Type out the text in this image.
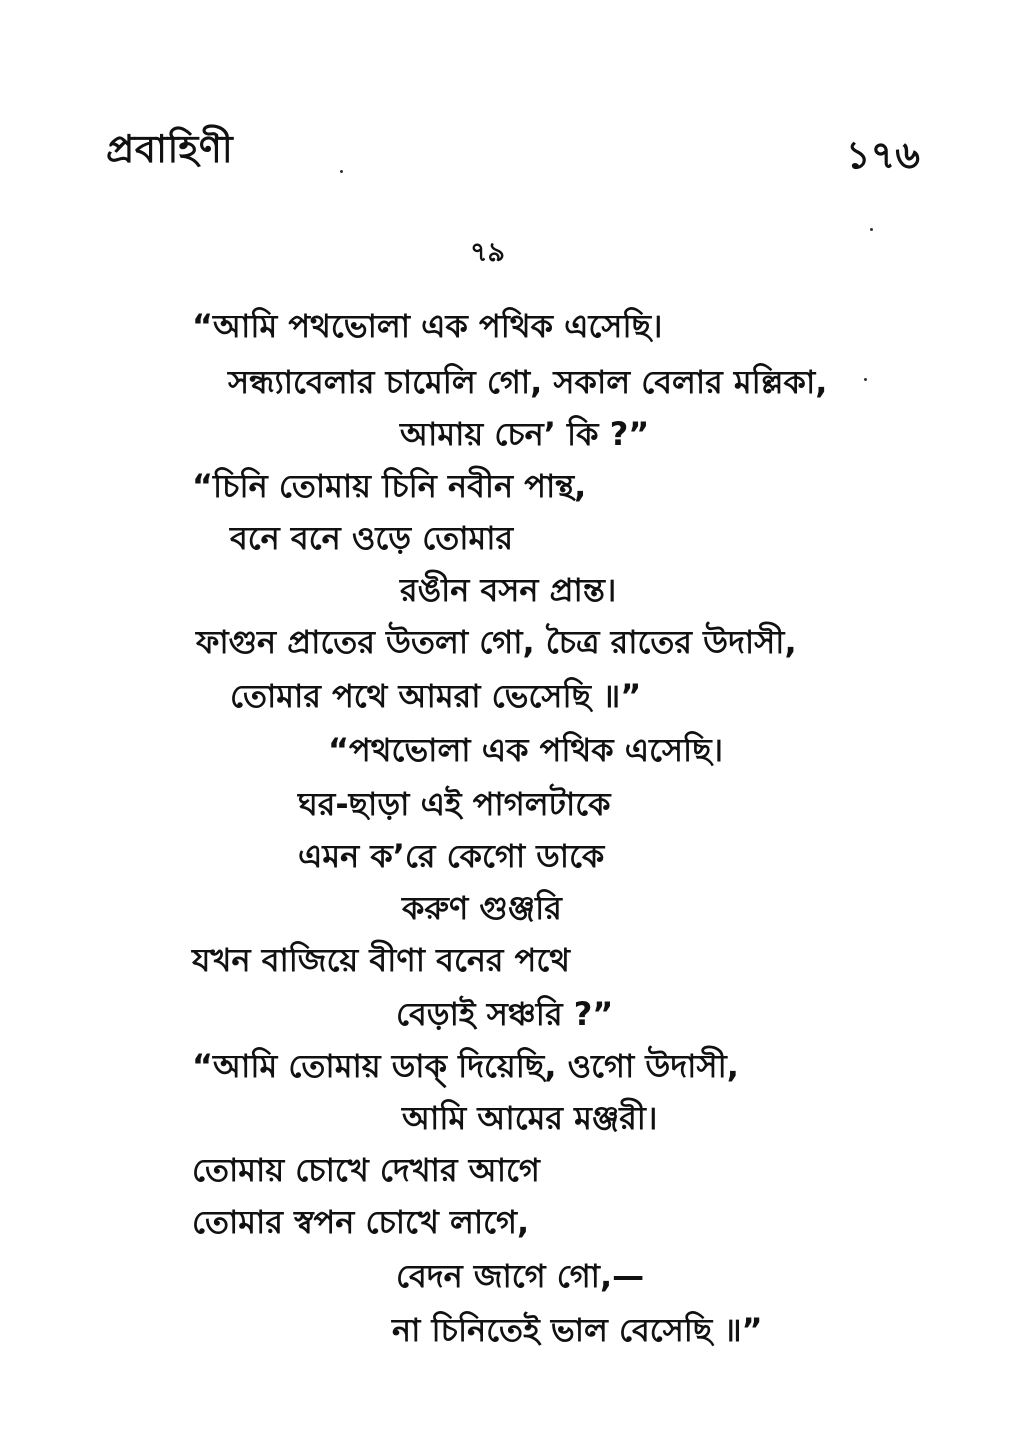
প্রবাহিণী	১৭৬
৭৯
“আমি পথভোলা এক পথিক এসেছি।
সন্ধ্যাবেলার চামেলি গো, সকাল বেলার মল্লিকা,
আমায় চেন’ কি ?”
“চিনি তোমায় চিনি নবীন পান্থ,
বনে বনে ওড়ে তোমার
রঙীন বসন প্রান্ত।
ফাগুন প্রাতের উতলা গো, চৈত্র রাতের উদাসী,
তোমার পথে আমরা ভেসেছি ॥”
“পথভোলা এক পথিক এসেছি।
ঘর-ছাড়া এই পাগলটাকে
এমন ক’রে কেগো ডাকে
করুণ গুঞ্জরি
যখন বাজিয়ে বীণা বনের পথে
বেড়াই সঞ্চরি ?”
“আমি তোমায় ডাক্ দিয়েছি, ওগো উদাসী,
আমি আমের মঞ্জরী।
তোমায় চোখে দেখার আগে
তোমার স্বপন চোখে লাগে,
বেদন জাগে গো,—
না চিনিতেই ভাল বেসেছি ॥”
